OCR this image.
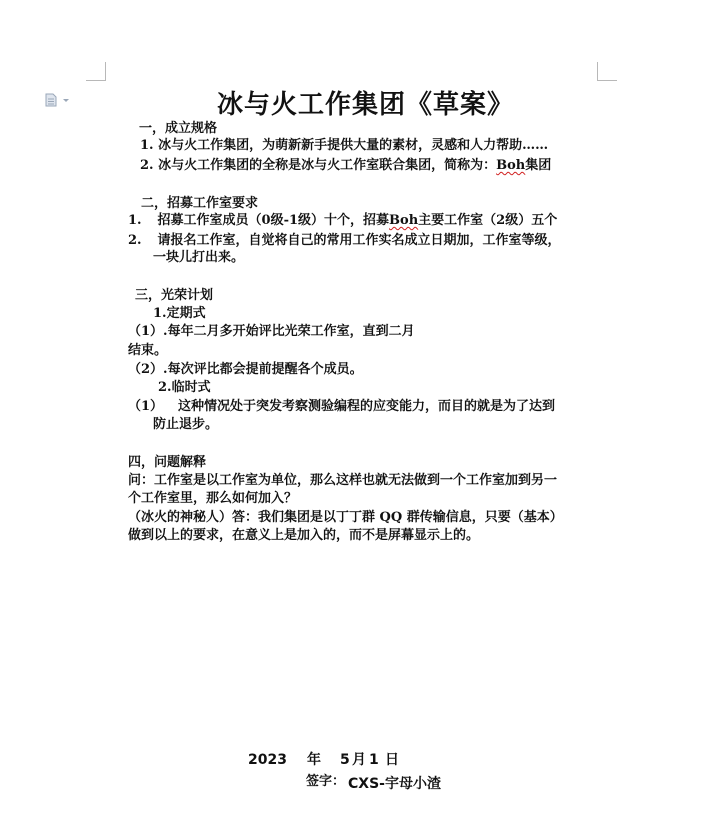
冰与火工作集团《草案》
一，成立规格
1. 冰与火工作集团，为萌新新手提供大量的素材，灵感和人力帮助……
2. 冰与火工作集团的全称是冰与火工作室联合集团，简称为：Boh集团
二，招募工作室要求
1. 招募工作室成员（0级-1级）十个，招募Boh主要工作室（2级）五个
2. 请报名工作室，自觉将自己的常用工作实名成立日期加，工作室等级，
一块儿打出来。
三，光荣计划
1.定期式
（1）.每年二月多开始评比光荣工作室，直到二月
结束。
（2）.每次评比都会提前提醒各个成员。
2.临时式
（1） 这种情况处于突发考察测验编程的应变能力，而目的就是为了达到
防止退步。
四，问题解释
问：工作室是以工作室为单位，那么这样也就无法做到一个工作室加到另一
个工作室里，那么如何加入？
（冰火的神秘人）答：我们集团是以丁丁群 QQ 群传输信息，只要（基本）
做到以上的要求，在意义上是加入的，而不是屏幕显示上的。
2023 年 5 月 1 日
签字： CXS-宇母小渣
